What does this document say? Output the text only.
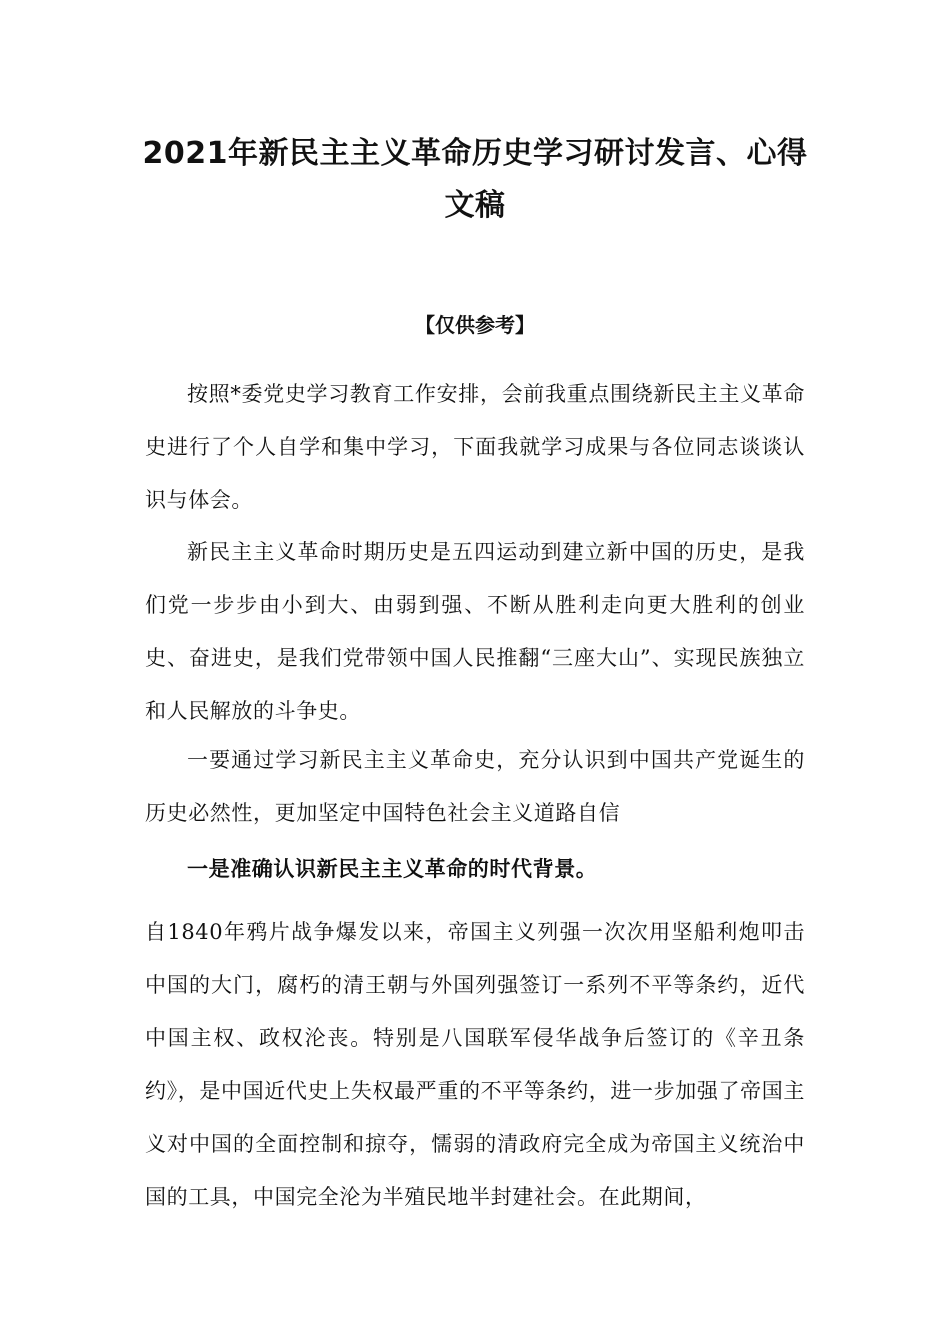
2021年新民主主义革命历史学习研讨发言、心得文稿

【仅供参考】

按照*委党史学习教育工作安排，会前我重点围绕新民主主义革命史进行了个人自学和集中学习，下面我就学习成果与各位同志谈谈认识与体会。

新民主主义革命时期历史是五四运动到建立新中国的历史，是我们党一步步由小到大、由弱到强、不断从胜利走向更大胜利的创业史、奋进史，是我们党带领中国人民推翻“三座大山”、实现民族独立和人民解放的斗争史。

一要通过学习新民主主义革命史，充分认识到中国共产党诞生的历史必然性，更加坚定中国特色社会主义道路自信

一是准确认识新民主主义革命的时代背景。

自1840年鸦片战争爆发以来，帝国主义列强一次次用坚船利炮叩击中国的大门，腐朽的清王朝与外国列强签订一系列不平等条约，近代中国主权、政权沦丧。特别是八国联军侵华战争后签订的《辛丑条约》，是中国近代史上失权最严重的不平等条约，进一步加强了帝国主义对中国的全面控制和掠夺，懦弱的清政府完全成为帝国主义统治中国的工具，中国完全沦为半殖民地半封建社会。在此期间，
